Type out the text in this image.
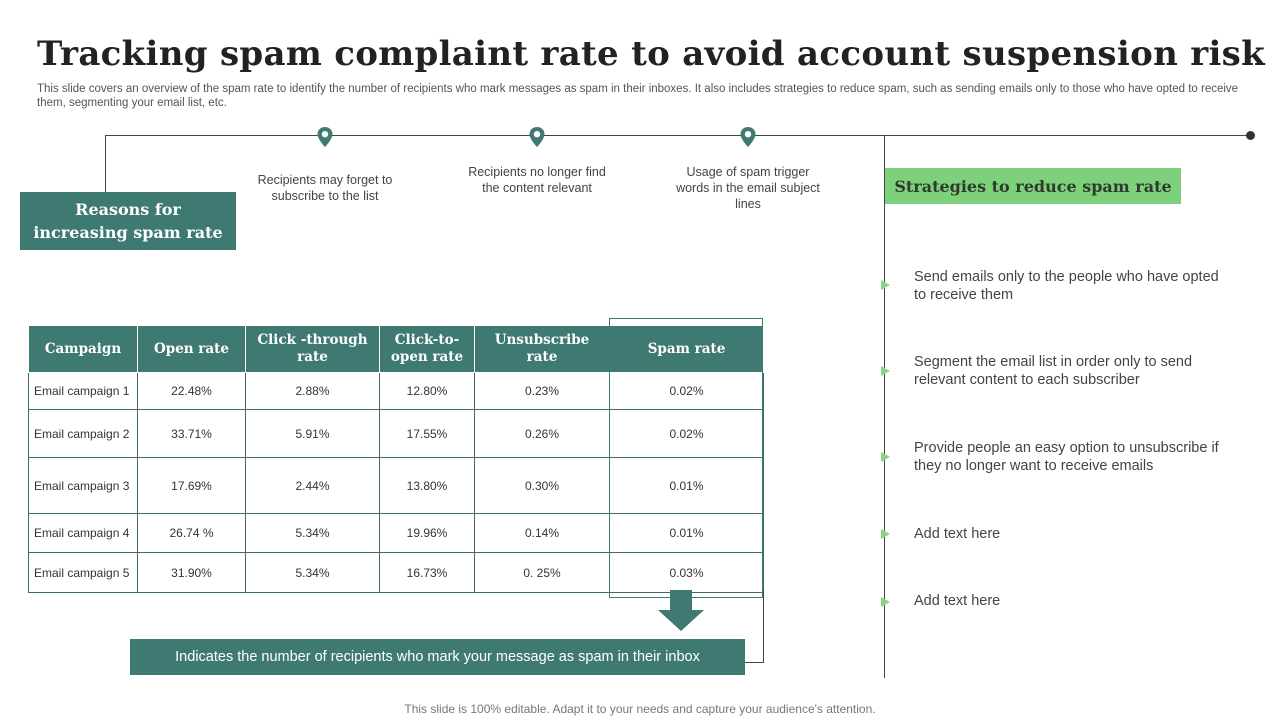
Tracking spam complaint rate to avoid account suspension risk
This slide covers an overview of the spam rate to identify the number of recipients who mark messages as spam in their inboxes. It also includes strategies to reduce spam, such as sending emails only to those who have opted to receive them, segmenting your email list, etc.
Recipients may forget to subscribe to the list
Recipients no longer find the content relevant
Usage of spam trigger words in the email subject lines
Reasons for increasing spam rate
Strategies to reduce spam rate
Send emails only to the people who have opted to receive them
Segment the email list in order only to send relevant content to each subscriber
Provide people an easy option to unsubscribe if they no longer want to receive emails
Add text here
Add text here
Campaign	Open rate	Click -through rate	Click-to-open rate	Unsubscribe rate	Spam rate
Email campaign 1	22.48%	2.88%	12.80%	0.23%	0.02%
Email campaign 2	33.71%	5.91%	17.55%	0.26%	0.02%
Email campaign 3	17.69%	2.44%	13.80%	0.30%	0.01%
Email campaign 4	26.74 %	5.34%	19.96%	0.14%	0.01%
Email campaign 5	31.90%	5.34%	16.73%	0. 25%	0.03%
Indicates the number of recipients who mark your message as spam in their inbox
This slide is 100% editable. Adapt it to your needs and capture your audience's attention.
